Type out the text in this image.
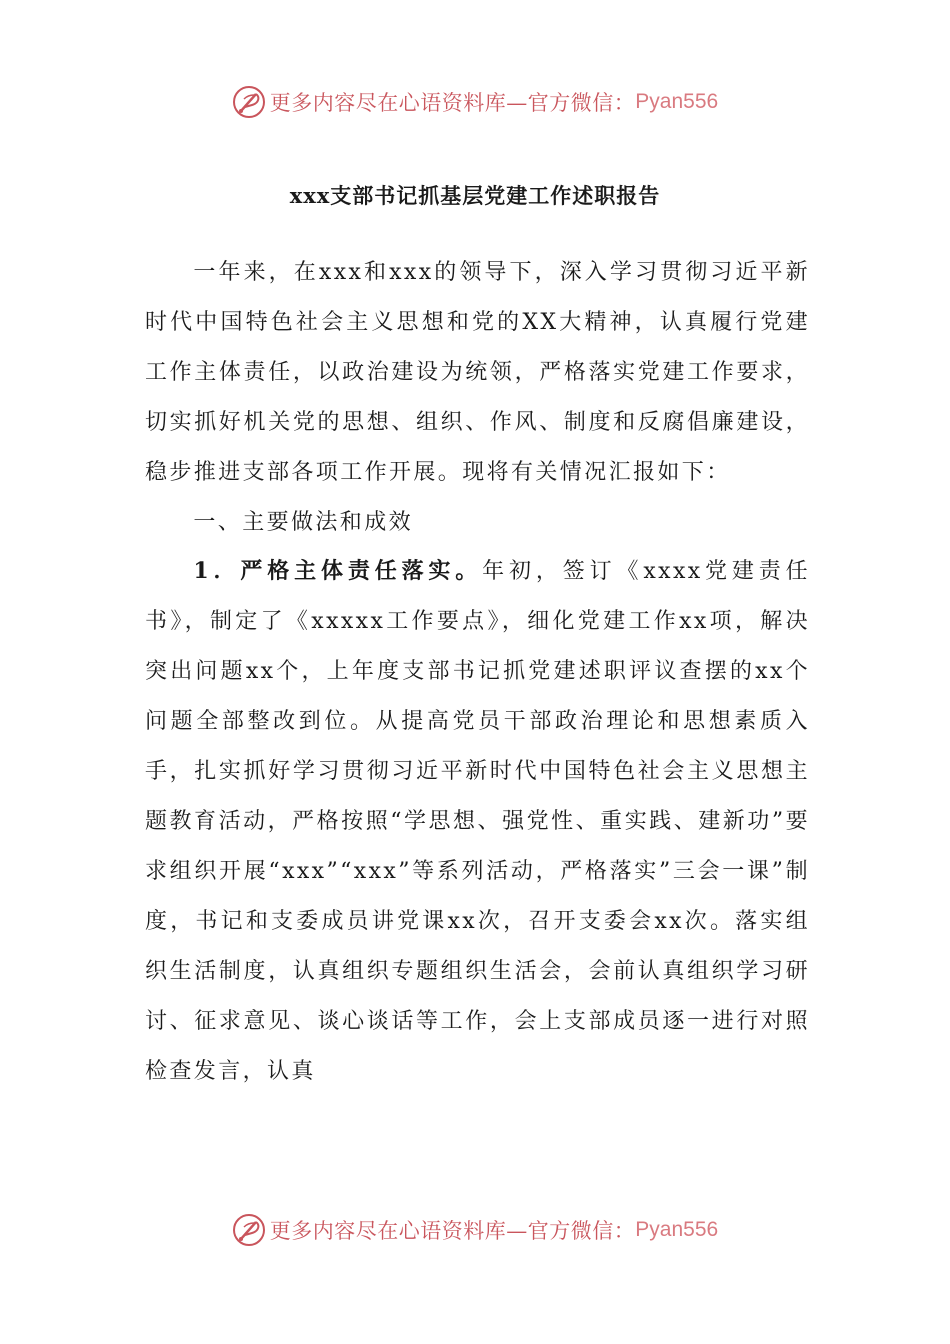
更多内容尽在心语资料库—官方微信： Pyan556
xxx支部书记抓基层党建工作述职报告

一年来，在xxx和xxx的领导下，深入学习贯彻习近平新时代中国特色社会主义思想和党的XX大精神，认真履行党建工作主体责任，以政治建设为统领，严格落实党建工作要求，切实抓好机关党的思想、组织、作风、制度和反腐倡廉建设，稳步推进支部各项工作开展。现将有关情况汇报如下：

一、主要做法和成效

1．严格主体责任落实。年初，签订《xxxx党建责任书》，制定了《xxxxx工作要点》，细化党建工作xx项，解决突出问题xx个，上年度支部书记抓党建述职评议查摆的xx个问题全部整改到位。从提高党员干部政治理论和思想素质入手，扎实抓好学习贯彻习近平新时代中国特色社会主义思想主题教育活动，严格按照“学思想、强党性、重实践、建新功”要求组织开展“xxx”“xxx”等系列活动，严格落实”三会一课”制度，书记和支委成员讲党课xx次，召开支委会xx次。落实组织生活制度，认真组织专题组织生活会，会前认真组织学习研讨、征求意见、谈心谈话等工作，会上支部成员逐一进行对照检查发言，认真

更多内容尽在心语资料库—官方微信： Pyan556
